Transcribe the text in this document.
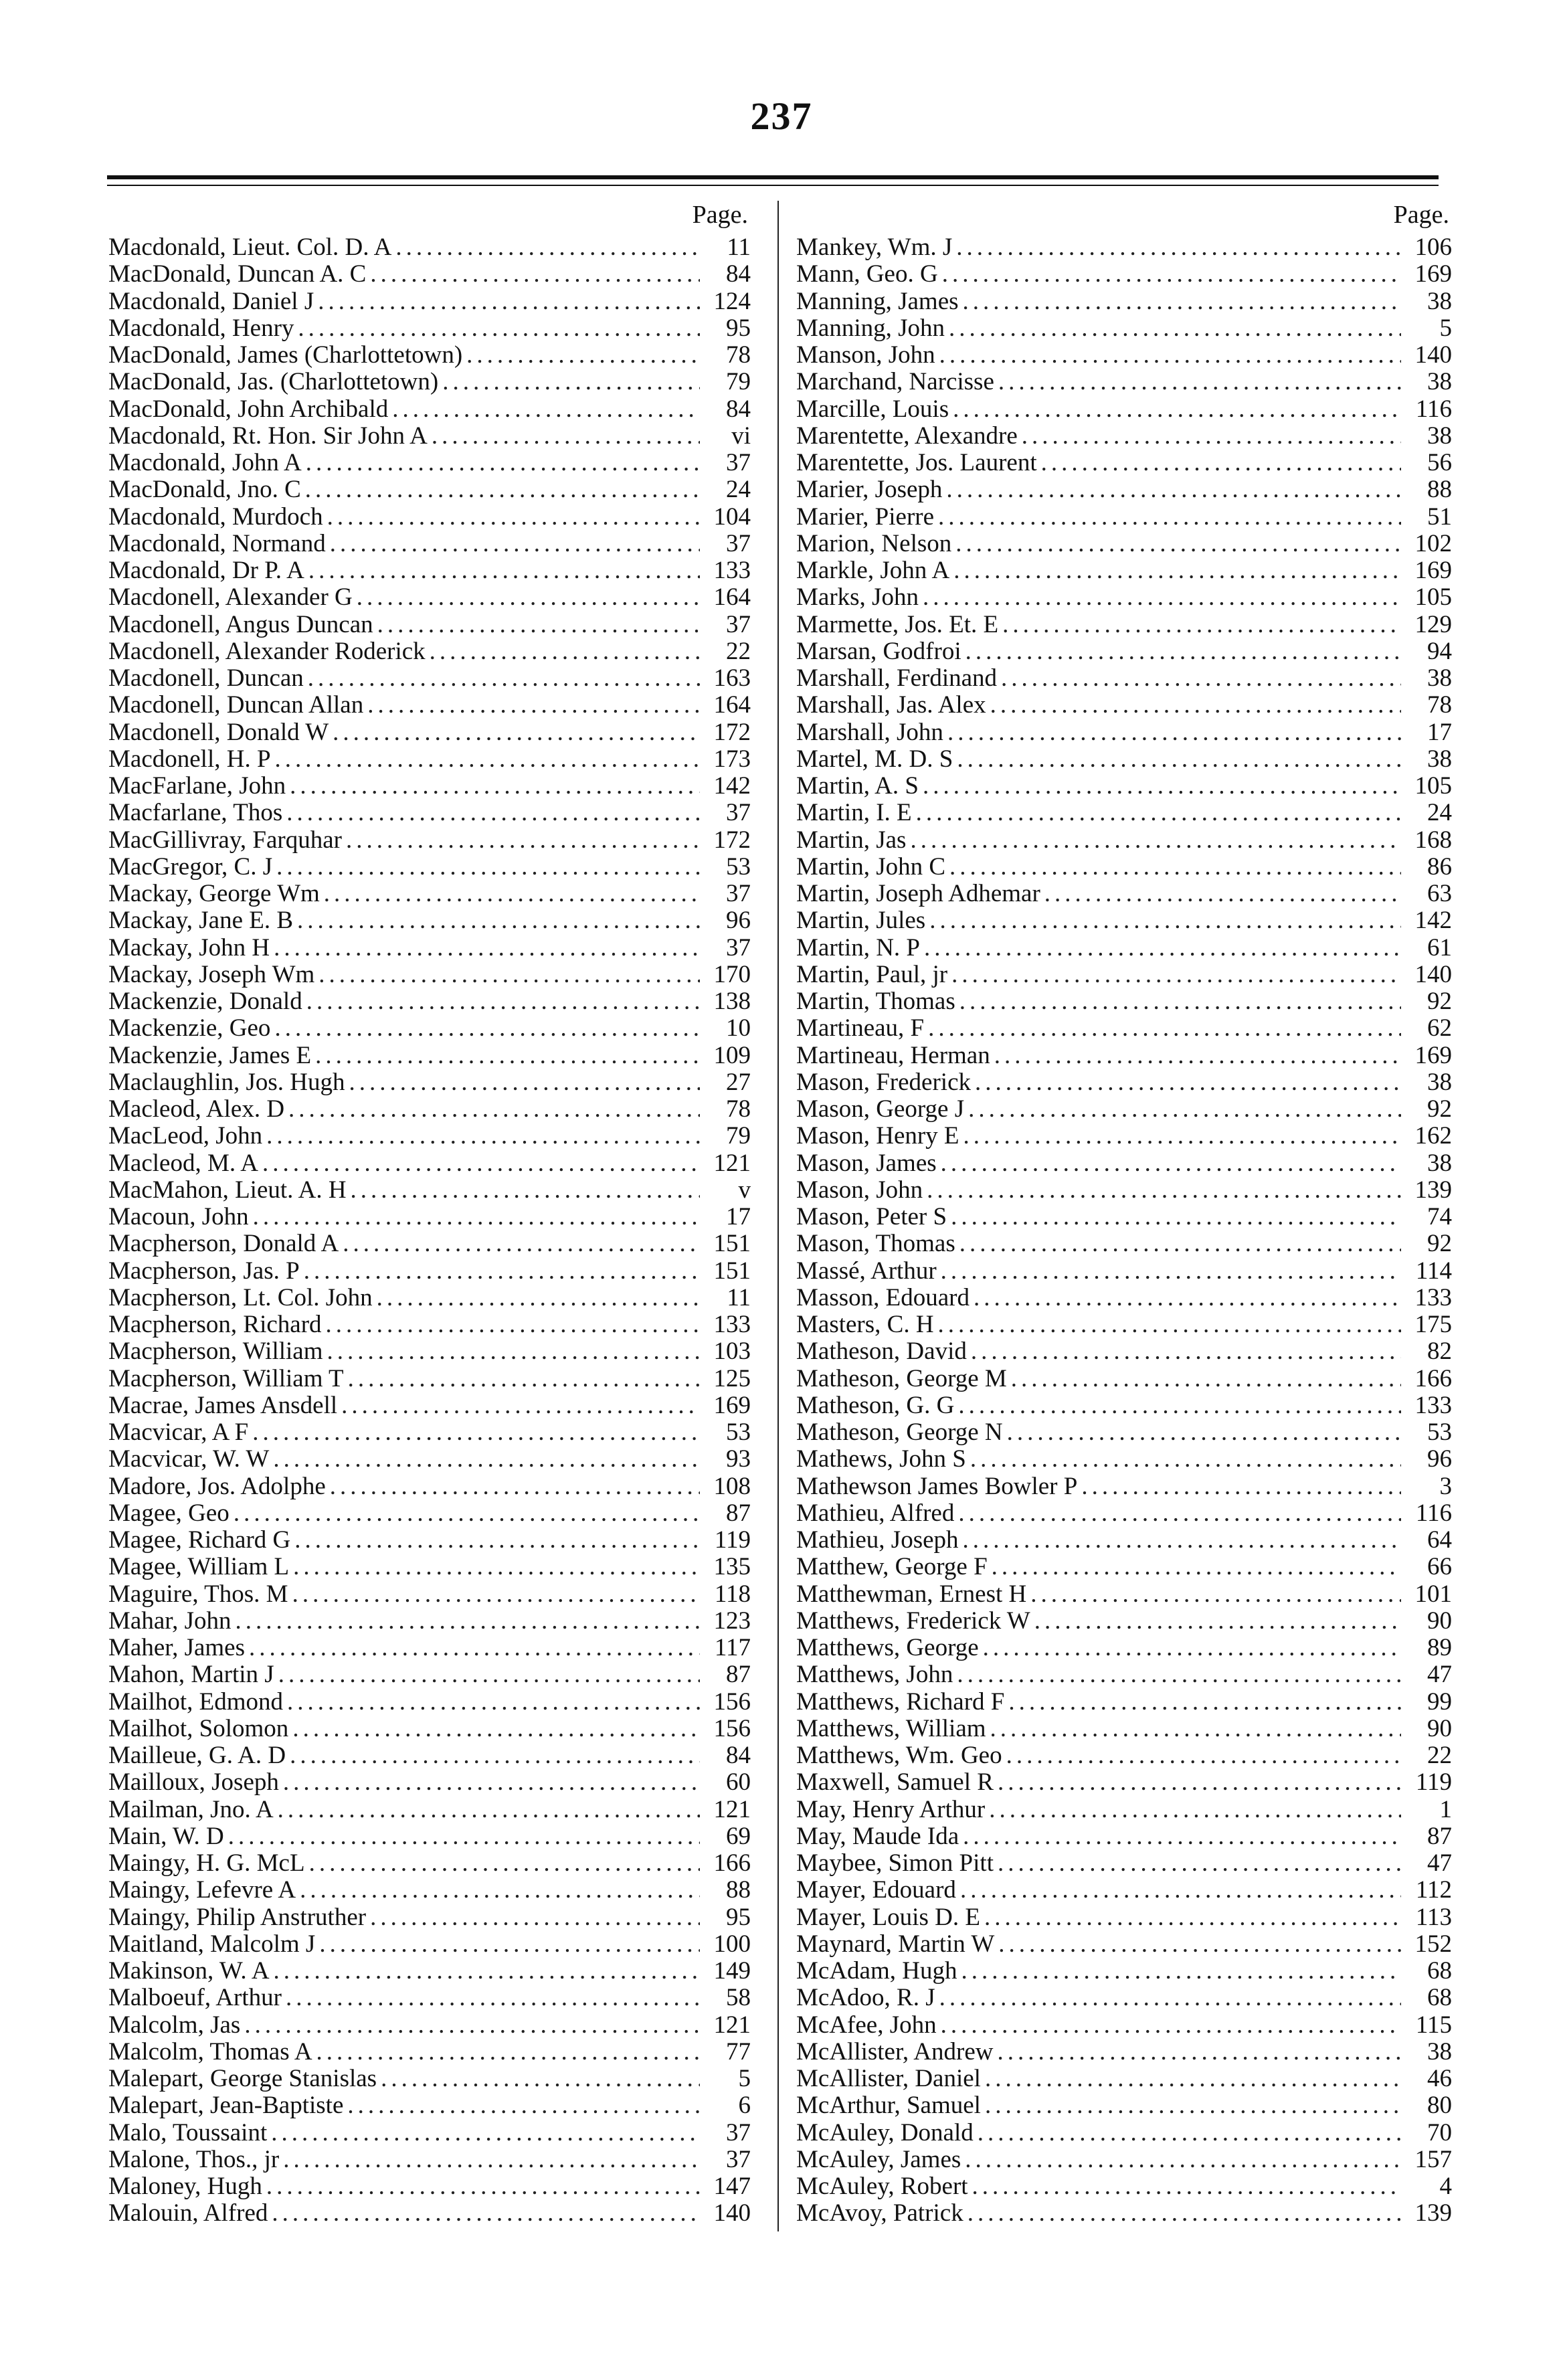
237
Page.
Macdonald, Lieut. Col. D. A .....	11
MacDonald, Duncan A. C .....	84
Macdonald, Daniel J .....	124
Macdonald, Henry .....	95
MacDonald, James (Charlottetown) .....	78
MacDonald, Jas. (Charlottetown) .....	79
MacDonald, John Archibald .....	84
Macdonald, Rt. Hon. Sir John A .....	vi
Macdonald, John A .....	37
MacDonald, Jno. C .....	24
Macdonald, Murdoch .....	104
Macdonald, Normand .....	37
Macdonald, Dr P. A .....	133
Macdonell, Alexander G .....	164
Macdonell, Angus Duncan .....	37
Macdonell, Alexander Roderick .....	22
Macdonell, Duncan .....	163
Macdonell, Duncan Allan .....	164
Macdonell, Donald W .....	172
Macdonell, H. P .....	173
MacFarlane, John .....	142
Macfarlane, Thos .....	37
MacGillivray, Farquhar .....	172
MacGregor, C. J .....	53
Mackay, George Wm .....	37
Mackay, Jane E. B .....	96
Mackay, John H .....	37
Mackay, Joseph Wm .....	170
Mackenzie, Donald .....	138
Mackenzie, Geo .....	10
Mackenzie, James E .....	109
Maclaughlin, Jos. Hugh .....	27
Macleod, Alex. D .....	78
MacLeod, John .....	79
Macleod, M. A .....	121
MacMahon, Lieut. A. H .....	v
Macoun, John .....	17
Macpherson, Donald A .....	151
Macpherson, Jas. P .....	151
Macpherson, Lt. Col. John .....	11
Macpherson, Richard .....	133
Macpherson, William .....	103
Macpherson, William T .....	125
Macrae, James Ansdell .....	169
Macvicar, A F .....	53
Macvicar, W. W .....	93
Madore, Jos. Adolphe .....	108
Magee, Geo .....	87
Magee, Richard G .....	119
Magee, William L .....	135
Maguire, Thos. M .....	118
Mahar, John .....	123
Maher, James .....	117
Mahon, Martin J .....	87
Mailhot, Edmond .....	156
Mailhot, Solomon .....	156
Mailleue, G. A. D .....	84
Mailloux, Joseph .....	60
Mailman, Jno. A .....	121
Main, W. D .....	69
Maingy, H. G. McL .....	166
Maingy, Lefevre A .....	88
Maingy, Philip Anstruther .....	95
Maitland, Malcolm J .....	100
Makinson, W. A .....	149
Malboeuf, Arthur .....	58
Malcolm, Jas .....	121
Malcolm, Thomas A .....	77
Malepart, George Stanislas .....	5
Malepart, Jean-Baptiste .....	6
Malo, Toussaint .....	37
Malone, Thos., jr .....	37
Maloney, Hugh .....	147
Malouin, Alfred .....	140
Page.
Mankey, Wm. J .....	106
Mann, Geo. G .....	169
Manning, James .....	38
Manning, John .....	5
Manson, John .....	140
Marchand, Narcisse .....	38
Marcille, Louis .....	116
Marentette, Alexandre .....	38
Marentette, Jos. Laurent .....	56
Marier, Joseph .....	88
Marier, Pierre .....	51
Marion, Nelson .....	102
Markle, John A .....	169
Marks, John .....	105
Marmette, Jos. Et. E .....	129
Marsan, Godfroi .....	94
Marshall, Ferdinand .....	38
Marshall, Jas. Alex .....	78
Marshall, John .....	17
Martel, M. D. S .....	38
Martin, A. S .....	105
Martin, I. E .....	24
Martin, Jas .....	168
Martin, John C .....	86
Martin, Joseph Adhemar .....	63
Martin, Jules .....	142
Martin, N. P .....	61
Martin, Paul, jr .....	140
Martin, Thomas .....	92
Martineau, F .....	62
Martineau, Herman .....	169
Mason, Frederick .....	38
Mason, George J .....	92
Mason, Henry E .....	162
Mason, James .....	38
Mason, John .....	139
Mason, Peter S .....	74
Mason, Thomas .....	92
Massé, Arthur .....	114
Masson, Edouard .....	133
Masters, C. H .....	175
Matheson, David .....	82
Matheson, George M .....	166
Matheson, G. G .....	133
Matheson, George N .....	53
Mathews, John S .....	96
Mathewson James Bowler P .....	3
Mathieu, Alfred .....	116
Mathieu, Joseph .....	64
Matthew, George F .....	66
Matthewman, Ernest H .....	101
Matthews, Frederick W .....	90
Matthews, George .....	89
Matthews, John .....	47
Matthews, Richard F .....	99
Matthews, William .....	90
Matthews, Wm. Geo .....	22
Maxwell, Samuel R .....	119
May, Henry Arthur .....	1
May, Maude Ida .....	87
Maybee, Simon Pitt .....	47
Mayer, Edouard .....	112
Mayer, Louis D. E .....	113
Maynard, Martin W .....	152
McAdam, Hugh .....	68
McAdoo, R. J .....	68
McAfee, John .....	115
McAllister, Andrew .....	38
McAllister, Daniel .....	46
McArthur, Samuel .....	80
McAuley, Donald .....	70
McAuley, James .....	157
McAuley, Robert .....	4
McAvoy, Patrick .....	139
